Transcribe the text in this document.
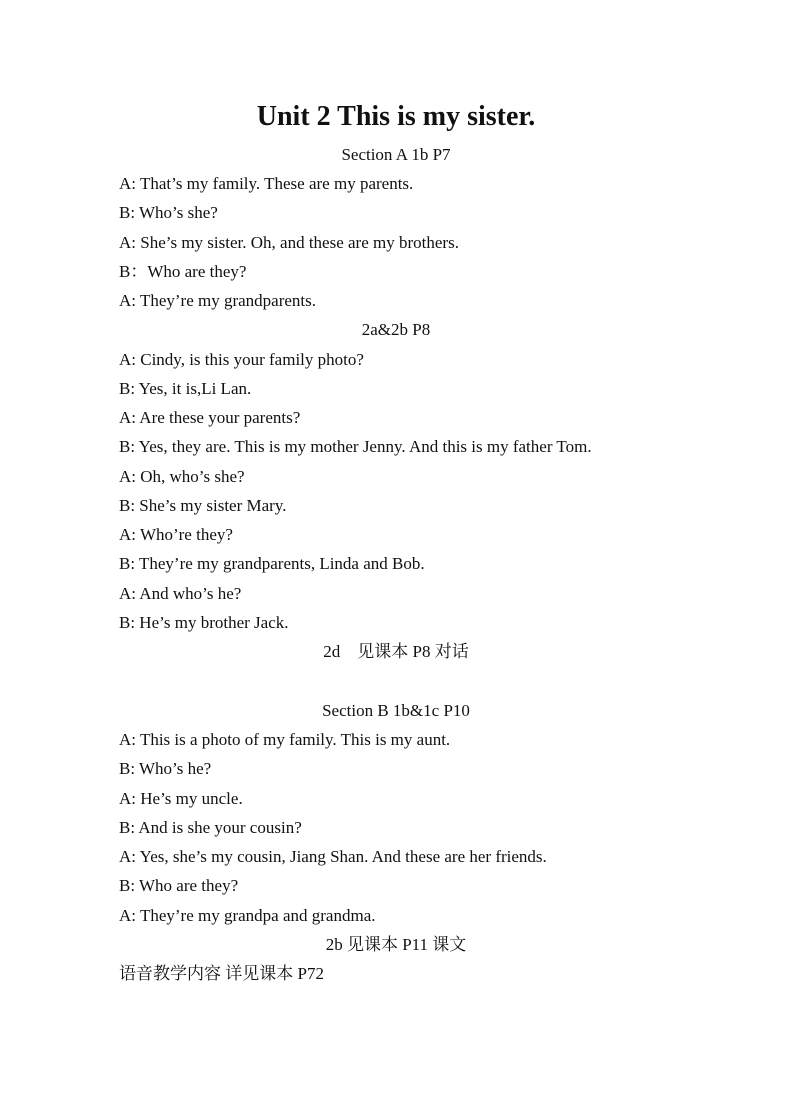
Unit 2 This is my sister.
Section A 1b P7
A: That’s my family. These are my parents.
B: Who’s she?
A: She’s my sister. Oh, and these are my brothers.
B：Who are they?
A: They’re my grandparents.
2a&2b P8
A: Cindy, is this your family photo?
B: Yes, it is,Li Lan.
A: Are these your parents?
B: Yes, they are. This is my mother Jenny. And this is my father Tom.
A: Oh, who’s she?
B: She’s my sister Mary.
A: Who’re they?
B: They’re my grandparents, Linda and Bob.
A: And who’s he?
B: He’s my brother Jack.
2d　见课本 P8 对话
Section B 1b&1c P10
A: This is a photo of my family. This is my aunt.
B: Who’s he?
A: He’s my uncle.
B: And is she your cousin?
A: Yes, she’s my cousin, Jiang Shan. And these are her friends.
B: Who are they?
A: They’re my grandpa and grandma.
2b 见课本 P11 课文
语音教学内容 详见课本 P72
